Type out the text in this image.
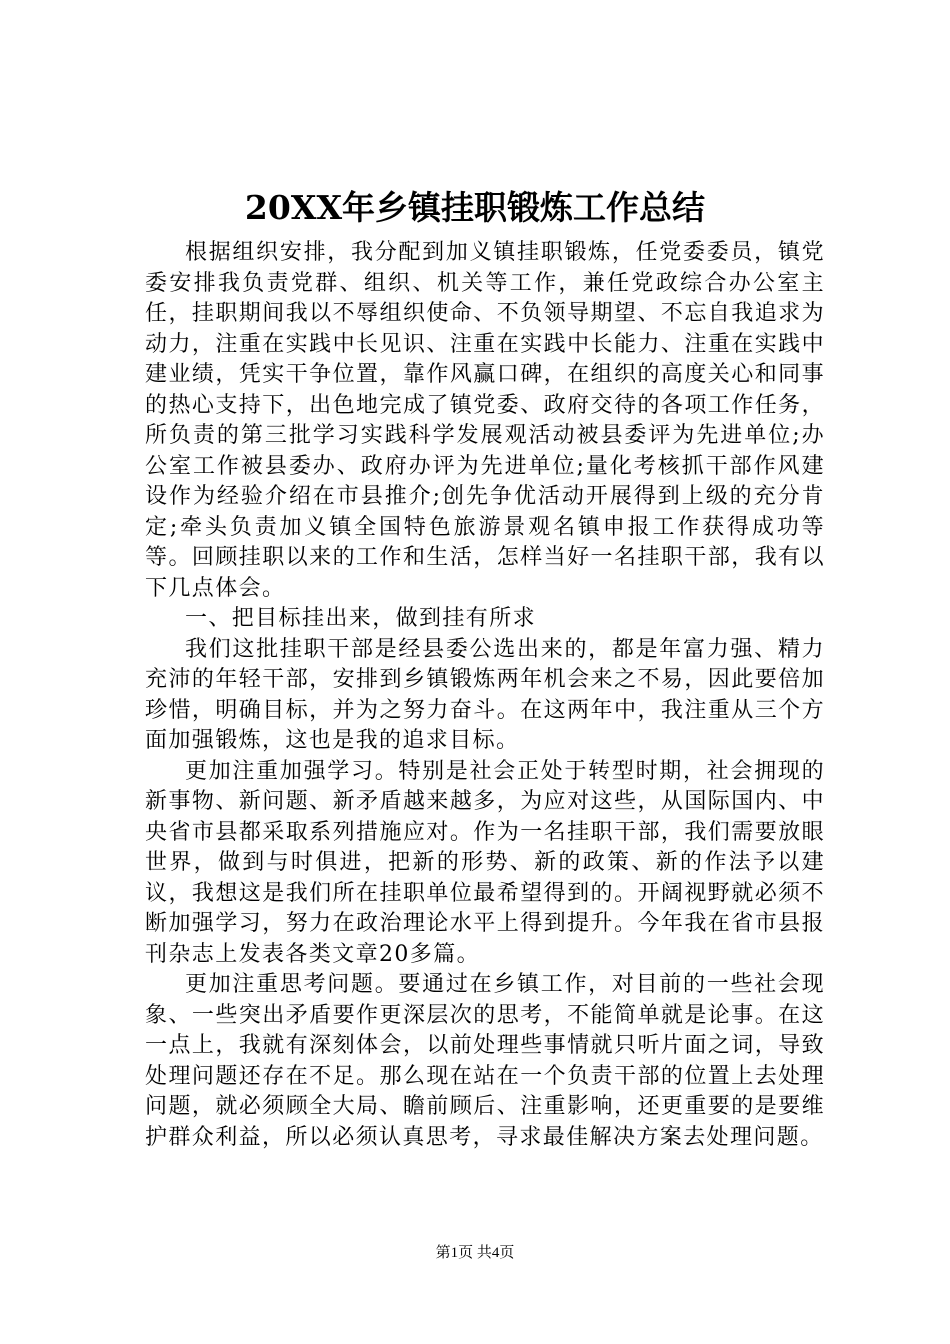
20XX年乡镇挂职锻炼工作总结

根据组织安排，我分配到加义镇挂职锻炼，任党委委员，镇党委安排我负责党群、组织、机关等工作，兼任党政综合办公室主任，挂职期间我以不辱组织使命、不负领导期望、不忘自我追求为动力，注重在实践中长见识、注重在实践中长能力、注重在实践中建业绩，凭实干争位置，靠作风赢口碑，在组织的高度关心和同事的热心支持下，出色地完成了镇党委、政府交待的各项工作任务，所负责的第三批学习实践科学发展观活动被县委评为先进单位;办公室工作被县委办、政府办评为先进单位;量化考核抓干部作风建设作为经验介绍在市县推介;创先争优活动开展得到上级的充分肯定;牵头负责加义镇全国特色旅游景观名镇申报工作获得成功等等。回顾挂职以来的工作和生活，怎样当好一名挂职干部，我有以下几点体会。

一、把目标挂出来，做到挂有所求

我们这批挂职干部是经县委公选出来的，都是年富力强、精力充沛的年轻干部，安排到乡镇锻炼两年机会来之不易，因此要倍加珍惜，明确目标，并为之努力奋斗。在这两年中，我注重从三个方面加强锻炼，这也是我的追求目标。

更加注重加强学习。特别是社会正处于转型时期，社会拥现的新事物、新问题、新矛盾越来越多，为应对这些，从国际国内、中央省市县都采取系列措施应对。作为一名挂职干部，我们需要放眼世界，做到与时俱进，把新的形势、新的政策、新的作法予以建议，我想这是我们所在挂职单位最希望得到的。开阔视野就必须不断加强学习，努力在政治理论水平上得到提升。今年我在省市县报刊杂志上发表各类文章20多篇。

更加注重思考问题。要通过在乡镇工作，对目前的一些社会现象、一些突出矛盾要作更深层次的思考，不能简单就是论事。在这一点上，我就有深刻体会，以前处理些事情就只听片面之词，导致处理问题还存在不足。那么现在站在一个负责干部的位置上去处理问题，就必须顾全大局、瞻前顾后、注重影响，还更重要的是要维护群众利益，所以必须认真思考，寻求最佳解决方案去处理问题。

第1页 共4页
